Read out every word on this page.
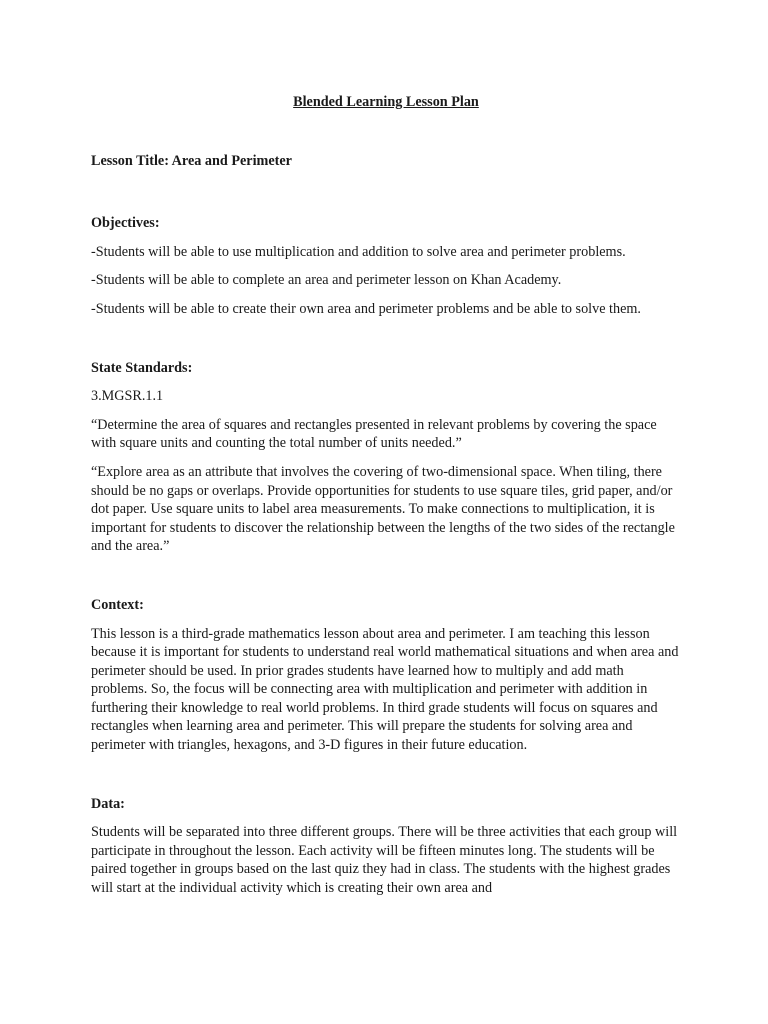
Blended Learning Lesson Plan
Lesson Title: Area and Perimeter
Objectives:

-Students will be able to use multiplication and addition to solve area and perimeter problems.

-Students will be able to complete an area and perimeter lesson on Khan Academy.

-Students will be able to create their own area and perimeter problems and be able to solve them.

State Standards:

3.MGSR.1.1

“Determine the area of squares and rectangles presented in relevant problems by covering the space with square units and counting the total number of units needed.”

“Explore area as an attribute that involves the covering of two-dimensional space. When tiling, there should be no gaps or overlaps. Provide opportunities for students to use square tiles, grid paper, and/or dot paper. Use square units to label area measurements. To make connections to multiplication, it is important for students to discover the relationship between the lengths of the two sides of the rectangle and the area.”

Context:

This lesson is a third-grade mathematics lesson about area and perimeter. I am teaching this lesson because it is important for students to understand real world mathematical situations and when area and perimeter should be used. In prior grades students have learned how to multiply and add math problems. So, the focus will be connecting area with multiplication and perimeter with addition in furthering their knowledge to real world problems. In third grade students will focus on squares and rectangles when learning area and perimeter. This will prepare the students for solving area and perimeter with triangles, hexagons, and 3-D figures in their future education.

Data:

Students will be separated into three different groups. There will be three activities that each group will participate in throughout the lesson. Each activity will be fifteen minutes long. The students will be paired together in groups based on the last quiz they had in class. The students with the highest grades will start at the individual activity which is creating their own area and
